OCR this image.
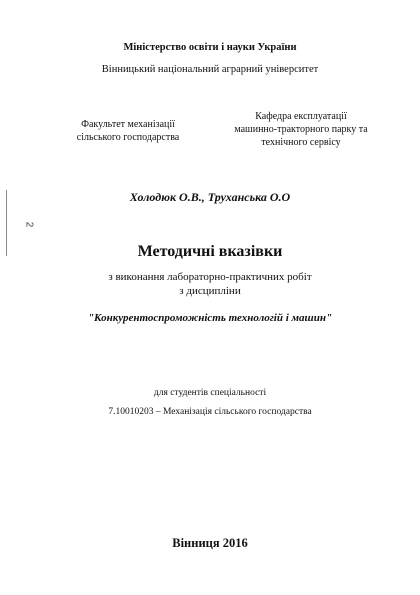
Міністерство освіти і науки України
Вінницький національний аграрний університет
Факультет механізації
сільського господарства
Кафедра експлуатації
машинно-тракторного парку та
технічного сервісу
2
Холодюк О.В., Труханська О.О
Методичні вказівки
з виконання лабораторно-практичних робіт
з дисципліни
"Конкурентоспроможність технологій і машин"
для студентів спеціальності
7.10010203 – Механізація сільського господарства
Вінниця 2016
